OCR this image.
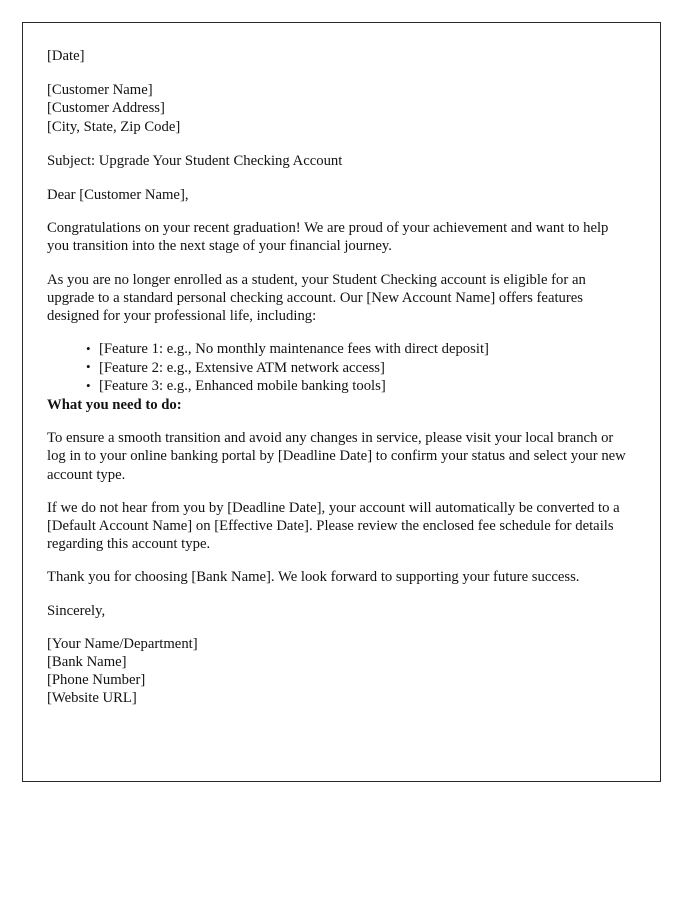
[Date]

[Customer Name]

[Customer Address]

[City, State, Zip Code]

Subject: Upgrade Your Student Checking Account

Dear [Customer Name],

Congratulations on your recent graduation! We are proud of your achievement and want to help you transition into the next stage of your financial journey.

As you are no longer enrolled as a student, your Student Checking account is eligible for an upgrade to a standard personal checking account. Our [New Account Name] offers features designed for your professional life, including:

• [Feature 1: e.g., No monthly maintenance fees with direct deposit]
• [Feature 2: e.g., Extensive ATM network access]
• [Feature 3: e.g., Enhanced mobile banking tools]

What you need to do:

To ensure a smooth transition and avoid any changes in service, please visit your local branch or log in to your online banking portal by [Deadline Date] to confirm your status and select your new account type.

If we do not hear from you by [Deadline Date], your account will automatically be converted to a [Default Account Name] on [Effective Date]. Please review the enclosed fee schedule for details regarding this account type.

Thank you for choosing [Bank Name]. We look forward to supporting your future success.

Sincerely,

[Your Name/Department]

[Bank Name]

[Phone Number]

[Website URL]
